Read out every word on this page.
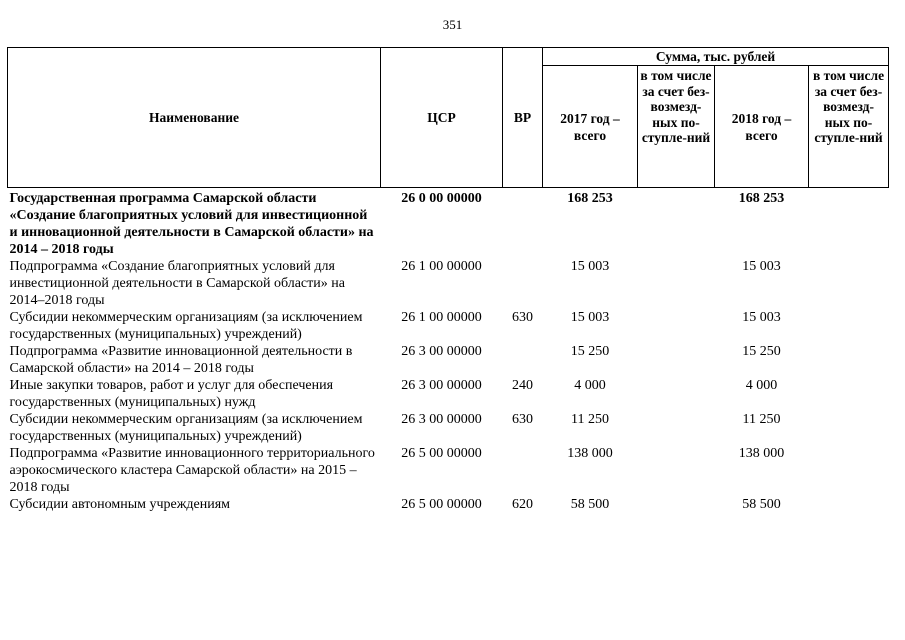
351
Наименование	ЦСР	ВР	Сумма, тыс. рублей			
			2017 год – всего	в том числе за счет без-возмезд-ных по-ступле-ний	2018 год – всего	в том числе за счет без-возмезд-ных по-ступле-ний
Государственная программа Самарской области «Создание благоприятных условий для инвестиционной и инновационной деятельности в Самарской области» на 2014 – 2018 годы	26 0 00 00000		168 253		168 253	
Подпрограмма «Создание благоприятных условий для инвестиционной деятельности в Самарской области» на 2014–2018 годы	26 1 00 00000		15 003		15 003	
Субсидии некоммерческим организациям (за исключением государственных (муниципальных) учреждений)	26 1 00 00000	630	15 003		15 003	
Подпрограмма «Развитие инновационной деятельности в Самарской области» на 2014 – 2018 годы	26 3 00 00000		15 250		15 250	
Иные закупки товаров, работ и услуг для обеспечения государственных (муниципальных) нужд	26 3 00 00000	240	4 000		4 000	
Субсидии некоммерческим организациям (за исключением государственных (муниципальных) учреждений)	26 3 00 00000	630	11 250		11 250	
Подпрограмма «Развитие инновационного территориального аэрокосмического кластера Самарской области» на 2015 – 2018 годы	26 5 00 00000		138 000		138 000	
Субсидии автономным учреждениям	26 5 00 00000	620	58 500		58 500	
